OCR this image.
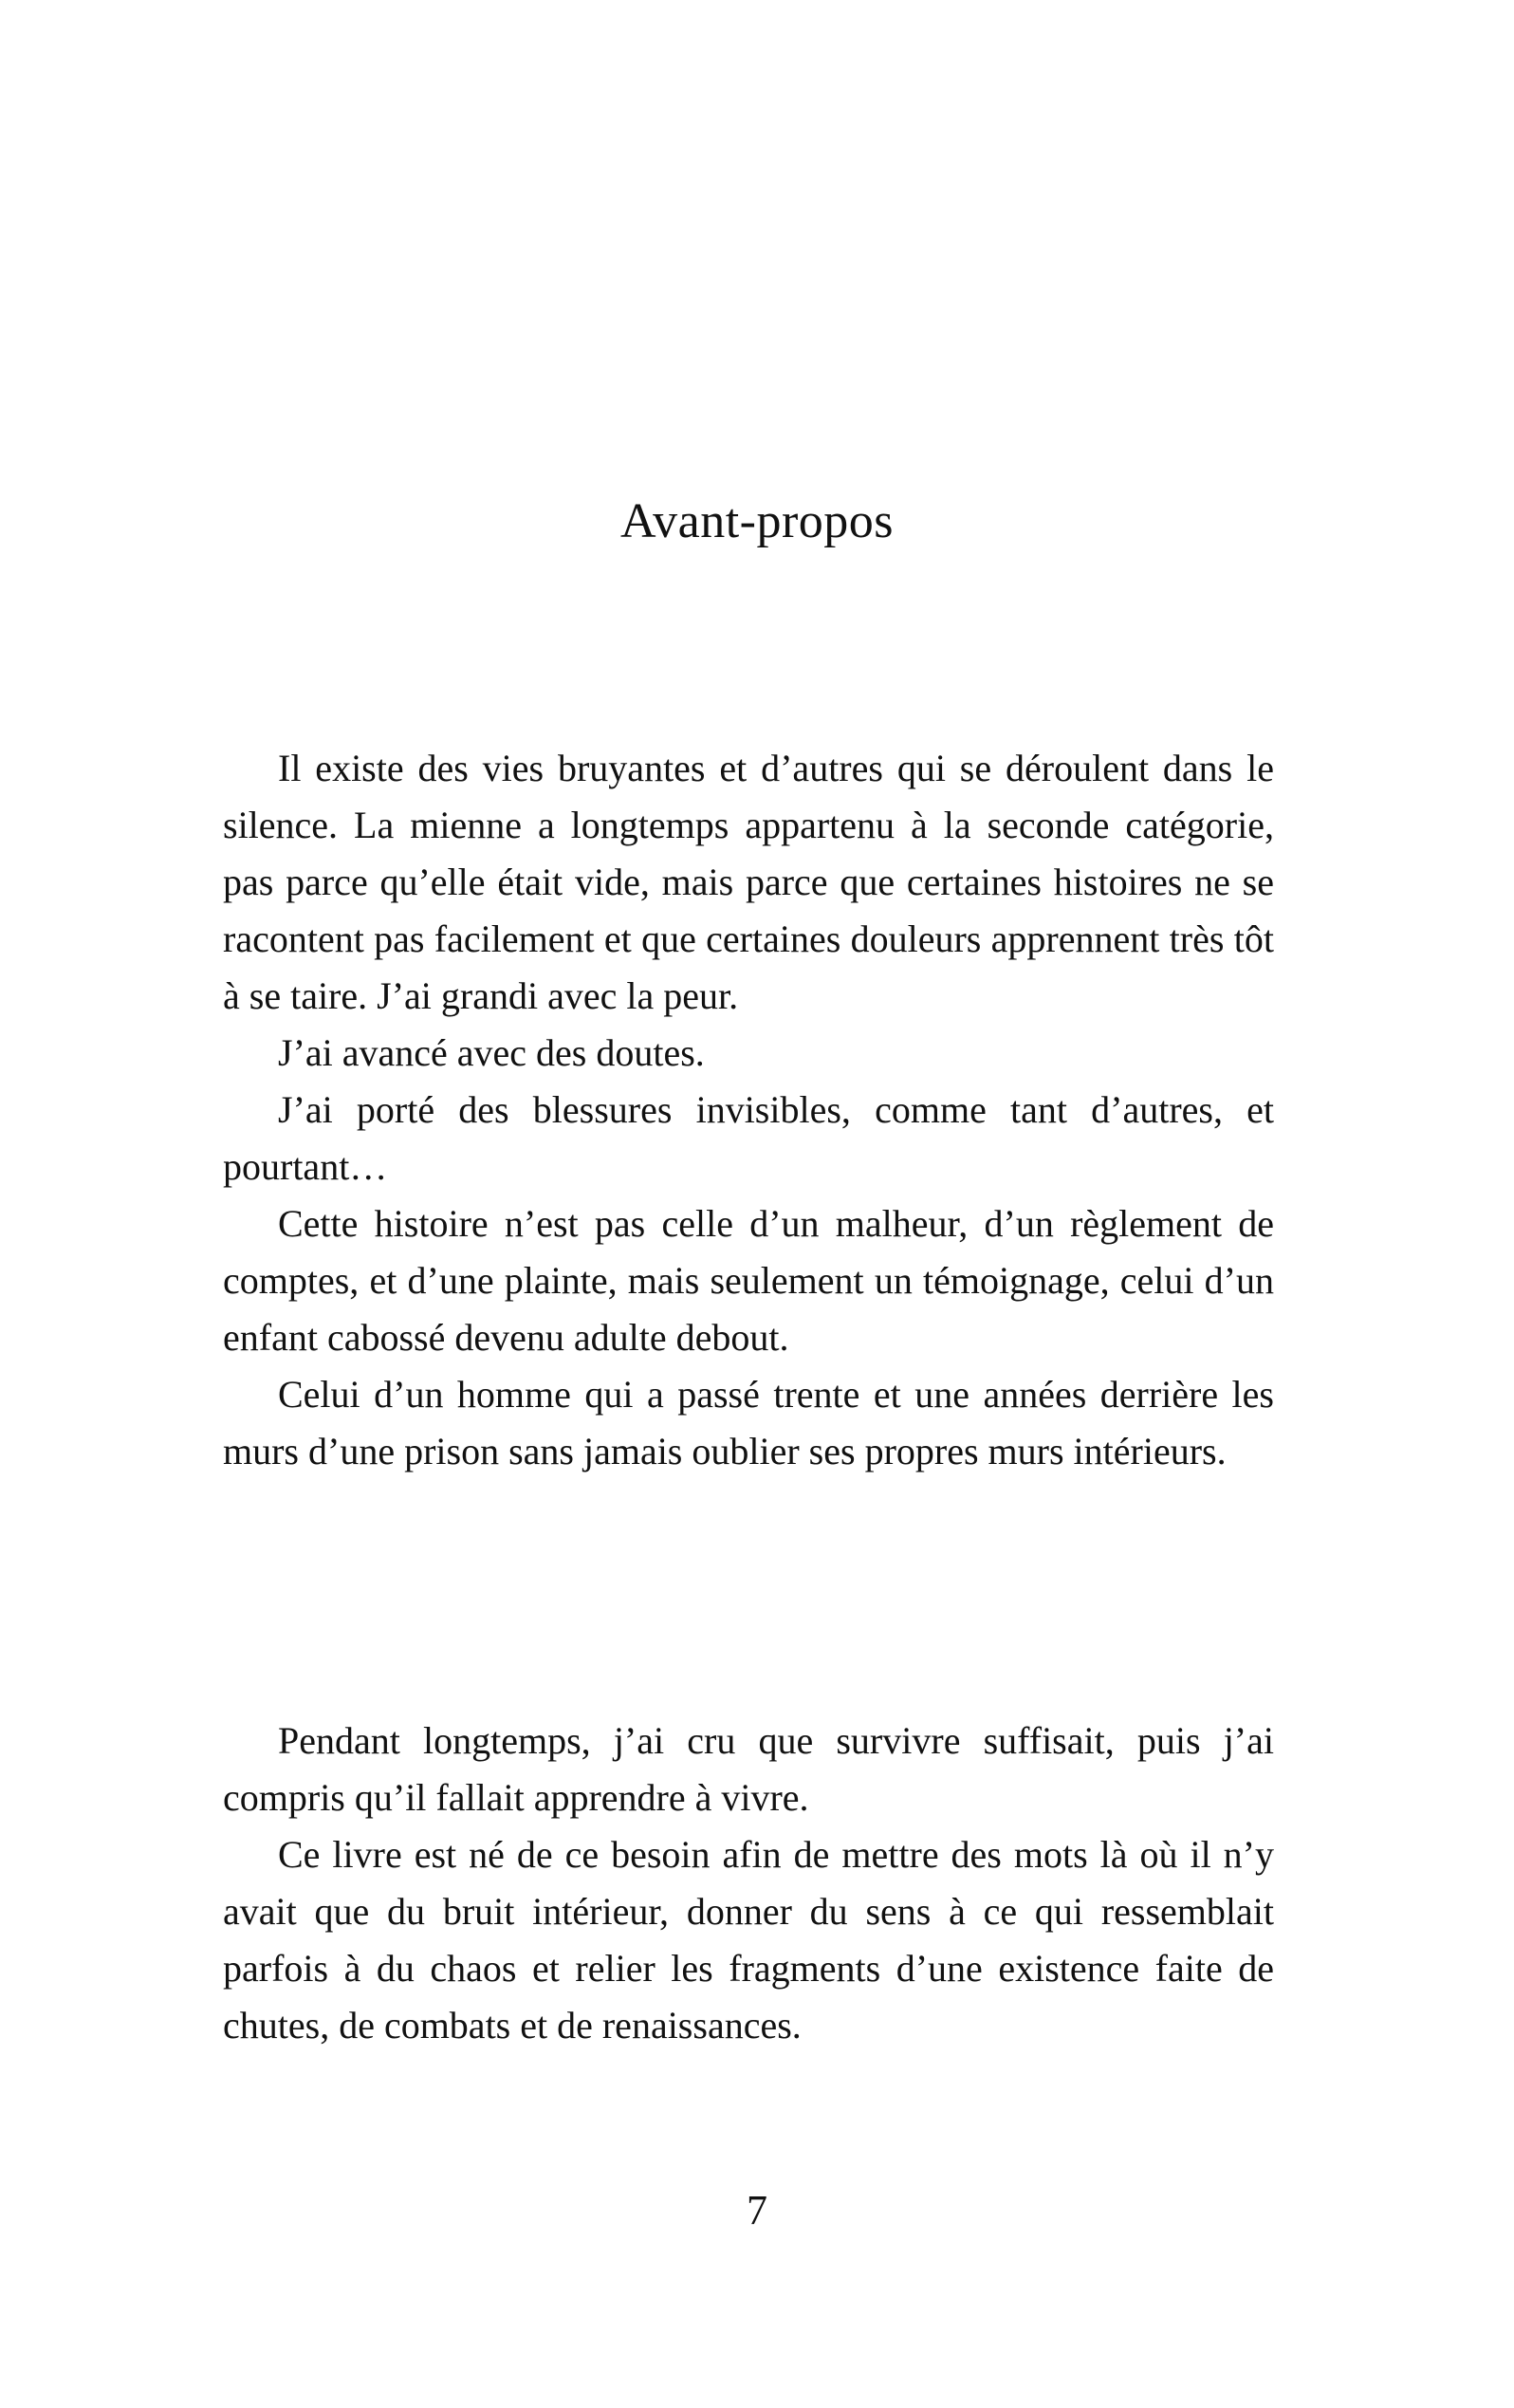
Avant-propos

Il existe des vies bruyantes et d’autres qui se déroulent dans le silence. La mienne a longtemps appartenu à la seconde catégorie, pas parce qu’elle était vide, mais parce que certaines histoires ne se racontent pas facilement et que certaines douleurs apprennent très tôt à se taire. J’ai grandi avec la peur.

J’ai avancé avec des doutes.

J’ai porté des blessures invisibles, comme tant d’autres, et pourtant…

Cette histoire n’est pas celle d’un malheur, d’un règlement de comptes, et d’une plainte, mais seulement un témoignage, celui d’un enfant cabossé devenu adulte debout.

Celui d’un homme qui a passé trente et une années derrière les murs d’une prison sans jamais oublier ses propres murs intérieurs.

Pendant longtemps, j’ai cru que survivre suffisait, puis j’ai compris qu’il fallait apprendre à vivre.

Ce livre est né de ce besoin afin de mettre des mots là où il n’y avait que du bruit intérieur, donner du sens à ce qui ressemblait parfois à du chaos et relier les fragments d’une existence faite de chutes, de combats et de renaissances.

7
